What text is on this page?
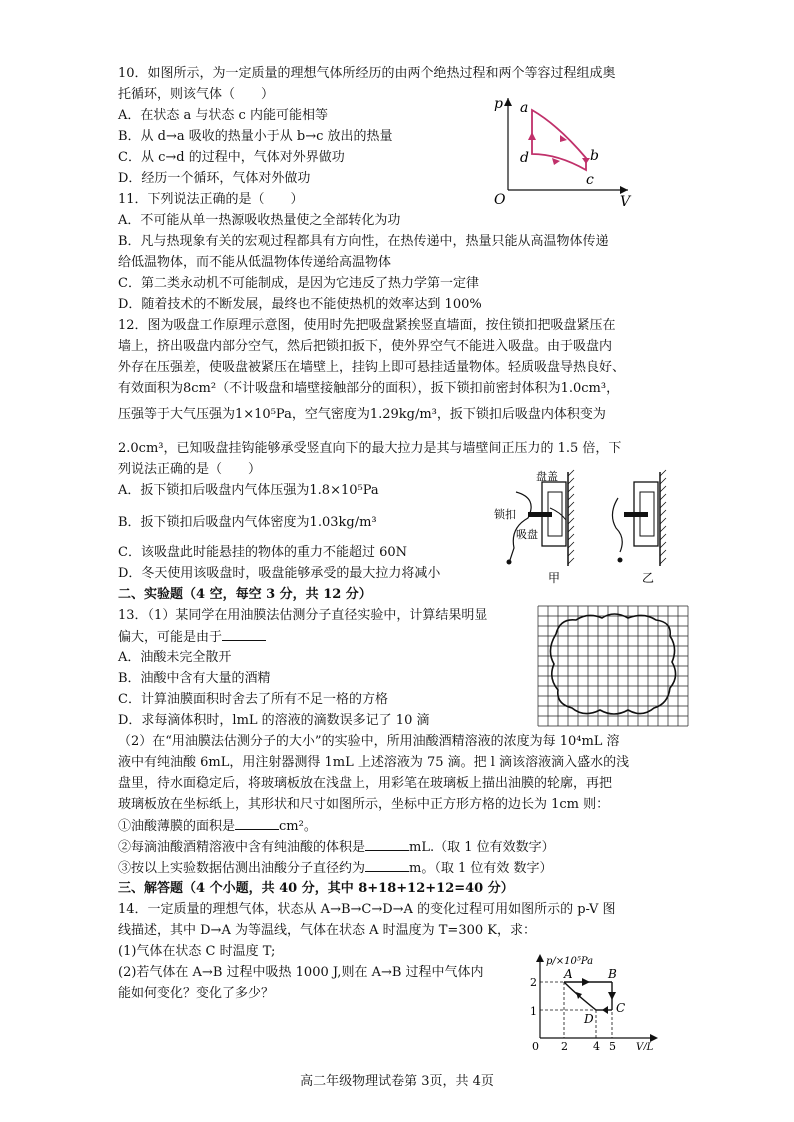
10．如图所示，为一定质量的理想气体所经历的由两个绝热过程和两个等容过程组成奥
托循环，则该气体（　　）
A．在状态 a 与状态 c 内能可能相等
B．从 d→a 吸收的热量小于从 b→c 放出的热量
C．从 c→d 的过程中，气体对外界做功
D．经历一个循环，气体对外做功
p
V
O
a
d	b
c
11．下列说法正确的是（　　）
A．不可能从单一热源吸收热量使之全部转化为功
B．凡与热现象有关的宏观过程都具有方向性，在热传递中，热量只能从高温物体传递
给低温物体，而不能从低温物体传递给高温物体
C．第二类永动机不可能制成，是因为它违反了热力学第一定律
D．随着技术的不断发展，最终也不能使热机的效率达到 100%
12．图为吸盘工作原理示意图，使用时先把吸盘紧挨竖直墙面，按住锁扣把吸盘紧压在
墙上，挤出吸盘内部分空气，然后把锁扣扳下，使外界空气不能进入吸盘。由于吸盘内
外存在压强差，使吸盘被紧压在墙壁上，挂钩上即可悬挂适量物体。轻质吸盘导热良好、
有效面积为8cm²（不计吸盘和墙壁接触部分的面积），扳下锁扣前密封体积为1.0cm³，
压强等于大气压强为1×10⁵Pa，空气密度为1.29kg/m³，扳下锁扣后吸盘内体积变为
2.0cm³，已知吸盘挂钩能够承受竖直向下的最大拉力是其与墙壁间正压力的 1.5 倍，下
列说法正确的是（　　）
A．扳下锁扣后吸盘内气体压强为1.8×10⁵Pa
B．扳下锁扣后吸盘内气体密度为1.03kg/m³
C．该吸盘此时能悬挂的物体的重力不能超过 60N
D．冬天使用该吸盘时，吸盘能够承受的最大拉力将减小
盘盖
锁扣
吸盘
甲	乙
二、实验题（4 空，每空 3 分，共 12 分）
13．（1）某同学在用油膜法估测分子直径实验中，计算结果明显
偏大，可能是由于
A．油酸未完全散开
B．油酸中含有大量的酒精
C．计算油膜面积时舍去了所有不足一格的方格
D．求每滴体积时，lmL 的溶液的滴数误多记了 10 滴
（2）在“用油膜法估测分子的大小”的实验中，所用油酸酒精溶液的浓度为每 10⁴mL 溶
液中有纯油酸 6mL，用注射器测得 1mL 上述溶液为 75 滴。把 l 滴该溶液滴入盛水的浅
盘里，待水面稳定后，将玻璃板放在浅盘上，用彩笔在玻璃板上描出油膜的轮廓，再把
玻璃板放在坐标纸上，其形状和尺寸如图所示，坐标中正方形方格的边长为 1cm 则：
①油酸薄膜的面积是	cm²。
②每滴油酸酒精溶液中含有纯油酸的体积是	mL.（取 1 位有效数字）
③按以上实验数据估测出油酸分子直径约为	m。（取 1 位有效 数字）
三、解答题（4 个小题，共 40 分，其中 8+18+12+12=40 分）
14．一定质量的理想气体，状态从 A→B→C→D→A 的变化过程可用如图所示的 p-V 图
线描述，其中 D→A 为等温线，气体在状态 A 时温度为 T=300 K，求：
(1)气体在状态 C 时温度 T;
(2)若气体在 A→B 过程中吸热 1000 J,则在 A→B 过程中气体内
能如何变化？变化了多少？
p/×10⁵Pa
V/L
0
2
1
2 4 5
A	B
C
D
高二年级物理试卷第 3页，共 4页
